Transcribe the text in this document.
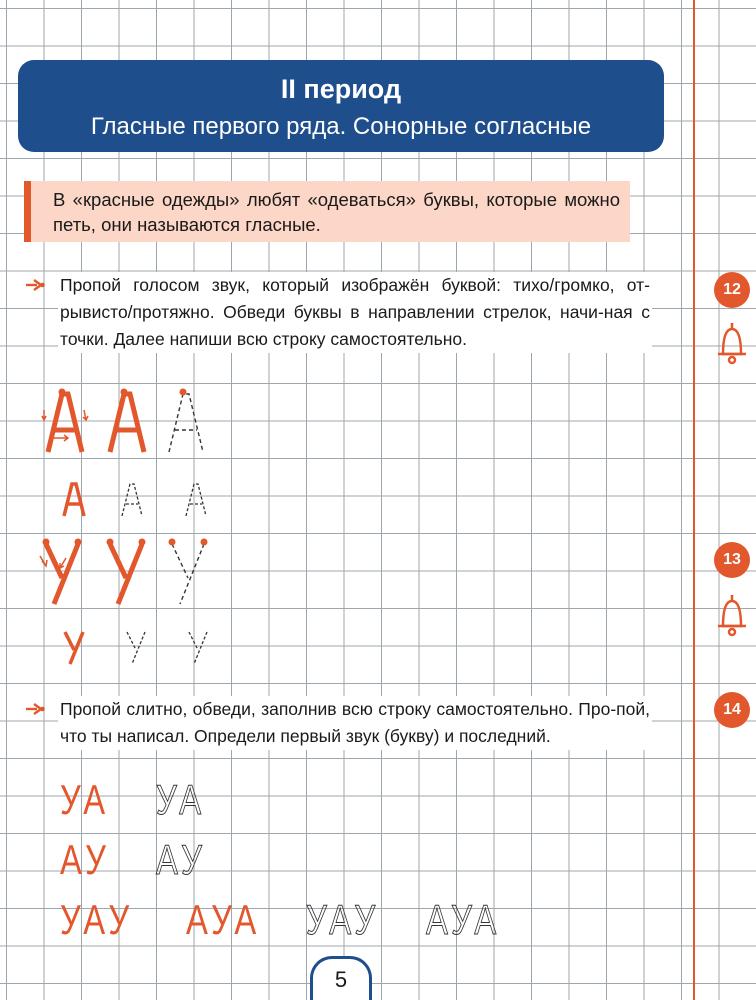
II период
Гласные первого ряда. Сонорные согласные
В «красные одежды» любят «одеваться» буквы, которые можно петь, они называются гласные.
Пропой голосом звук, который изображён буквой: тихо/громко, от-рывисто/протяжно. Обведи буквы в направлении стрелок, начи-ная с точки. Далее напиши всю строку самостоятельно.
Пропой слитно, обведи, заполнив всю строку самостоятельно. Про-пой, что ты написал. Определи первый звук (букву) и последний.
12
13
14
УА УА
АУ АУ
УАУ АУА УАУ АУА
5
